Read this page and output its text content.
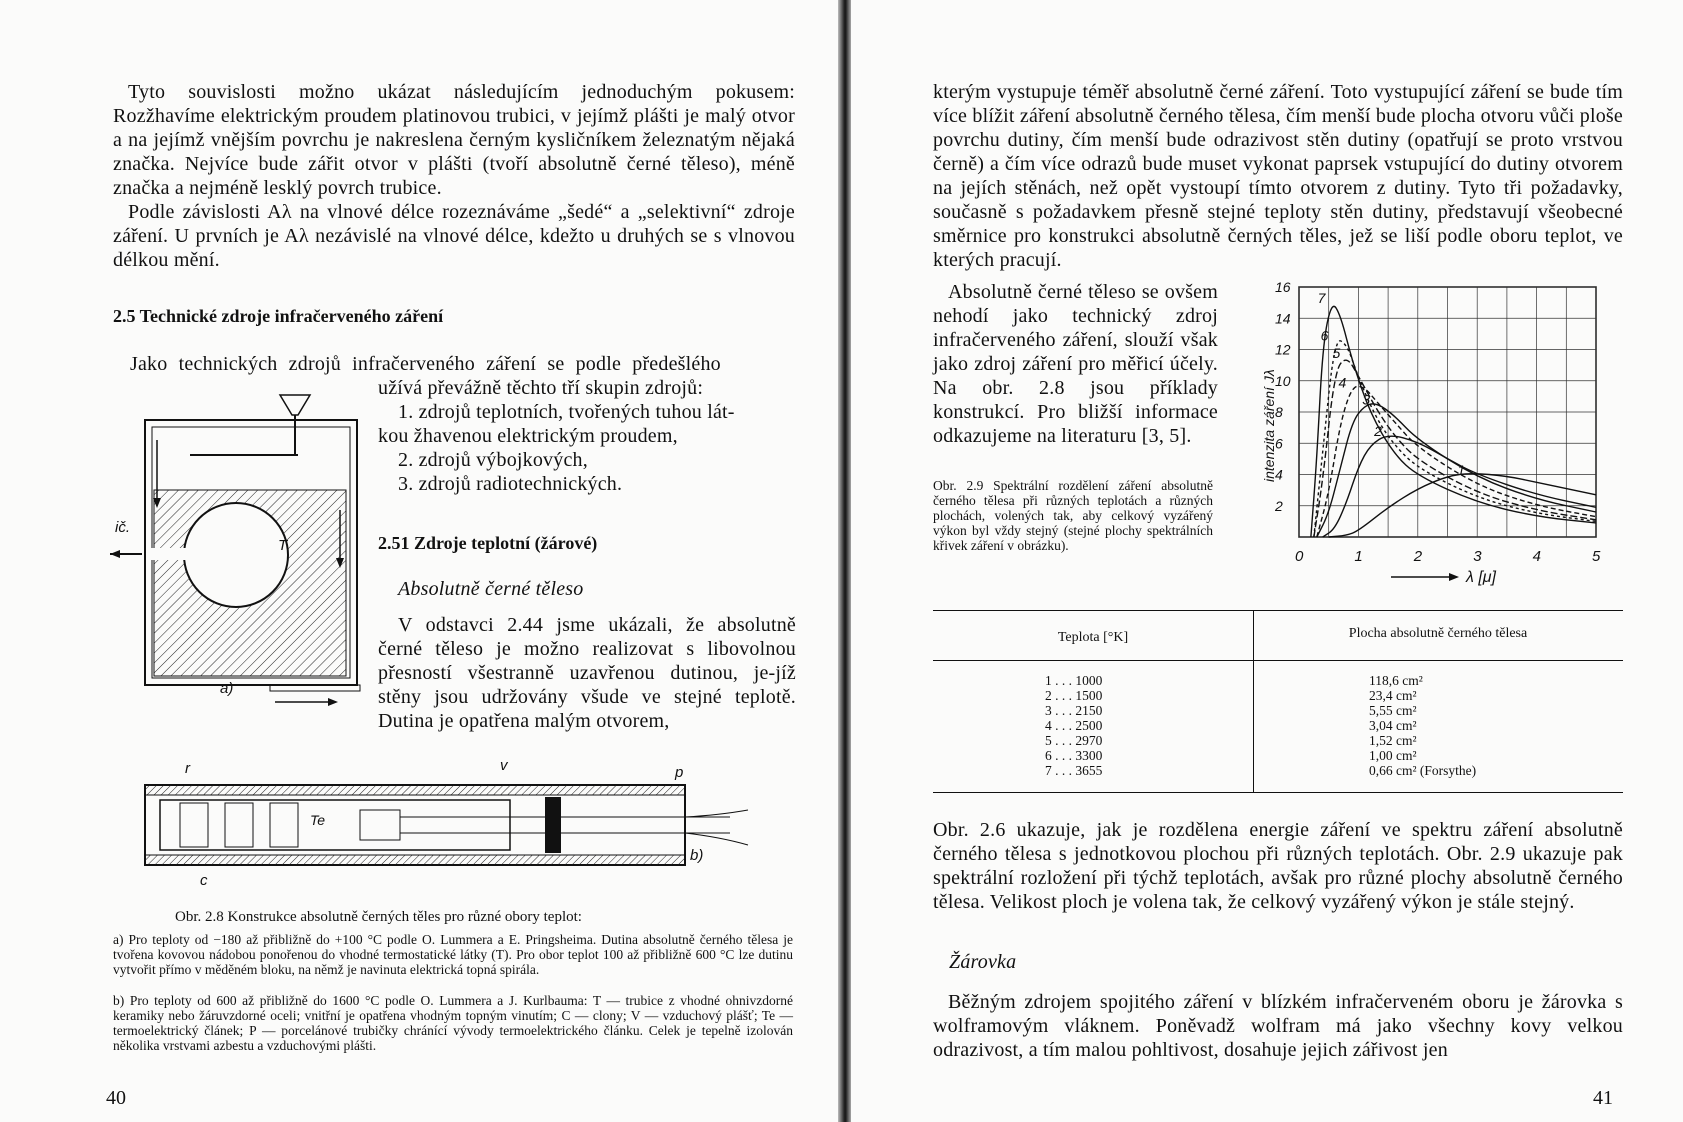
Tyto souvislosti možno ukázat následujícím jednoduchým pokusem: Rozžhavíme elektrickým proudem platinovou trubici, v jejímž plášti je malý otvor a na jejímž vnějším povrchu je nakreslena černým kysličníkem železnatým nějaká značka. Nejvíce bude zářit otvor v plášti (tvoří absolutně černé těleso), méně značka a nejméně lesklý povrch trubice.

Podle závislosti Aλ na vlnové délce rozeznáváme „šedé“ a „selektivní“ zdroje záření. U prvních je Aλ nezávislé na vlnové délce, kdežto u druhých se s vlnovou délkou mění.

2.5 Technické zdroje infračerveného záření

Jako technických zdrojů infračerveného záření se podle předešlého

užívá převážně těchto tří skupin zdrojů:

1. zdrojů teplotních, tvořených tuhou lát-

kou žhavenou elektrickým proudem,

2. zdrojů výbojkových,

3. zdrojů radiotechnických.

2.51 Zdroje teplotní (žárové)

Absolutně černé těleso

V odstavci 2.44 jsme ukázali, že absolutně černé těleso je možno realizovat s libovolnou přesností všestranně uzavřenou dutinou, je-jíž stěny jsou udržovány všude ve stejné teplotě. Dutina je opatřena malým otvorem,

ič.
T
a)
r	v	p
Te
c
b)

Obr. 2.8 Konstrukce absolutně černých těles pro různé obory teplot:

a) Pro teploty od −180 až přibližně do +100 °C podle O. Lummera a E. Pringsheima. Dutina absolutně černého tělesa je tvořena kovovou nádobou ponořenou do vhodné termostatické látky (T). Pro obor teplot 100 až přibližně 600 °C lze dutinu vytvořit přímo v měděném bloku, na němž je navinuta elektrická topná spirála.

b) Pro teploty od 600 až přibližně do 1600 °C podle O. Lummera a J. Kurlbauma: T — trubice z vhodné ohnivzdorné keramiky nebo žáruvzdorné oceli; vnitřní je opatřena vhodným topným vinutím; C — clony; V — vzduchový plášť; Te — termoelektrický článek; P — porcelánové trubičky chránící vývody termoelektrického článku. Celek je tepelně izolován několika vrstvami azbestu a vzduchovými plášti.

40

kterým vystupuje téměř absolutně černé záření. Toto vystupující záření se bude tím více blížit záření absolutně černého tělesa, čím menší bude plocha otvoru vůči ploše povrchu dutiny, čím menší bude odrazivost stěn dutiny (opatřují se proto vrstvou černě) a čím více odrazů bude muset vykonat paprsek vstupující do dutiny otvorem na jejích stěnách, než opět vystoupí tímto otvorem z dutiny. Tyto tři požadavky, současně s požadavkem přesně stejné teploty stěn dutiny, představují všeobecné směrnice pro konstrukci absolutně černých těles, jež se liší podle oboru teplot, ve kterých pracují.

Absolutně černé těleso se ovšem nehodí jako technický zdroj infračerveného záření, slouží však jako zdroj záření pro měřicí účely. Na obr. 2.8 jsou příklady konstrukcí. Pro bližší informace odkazujeme na literaturu [3, 5].

Obr. 2.9 Spektrální rozdělení záření absolutně černého tělesa při různých teplotách a různých plochách, volených tak, aby celkový vyzářený výkon byl vždy stejný (stejné plochy spektrálních křivek záření v obrázku).

1
2
3
4
5
6
7
2
4
6
8
10
12
14
16
0	1	2	3	4	5
intenzita záření Jλ
λ [μ]
Teplota [°K]	Plocha absolutně černého tělesa
1 . . . 1000	118,6 cm²
2 . . . 1500	23,4 cm²
3 . . . 2150	5,55 cm²
4 . . . 2500	3,04 cm²
5 . . . 2970	1,52 cm²
6 . . . 3300	1,00 cm²
7 . . . 3655	0,66 cm² (Forsythe)

Obr. 2.6 ukazuje, jak je rozdělena energie záření ve spektru záření absolutně černého tělesa s jednotkovou plochou při různých teplotách. Obr. 2.9 ukazuje pak spektrální rozložení při týchž teplotách, avšak pro různé plochy absolutně černého tělesa. Velikost ploch je volena tak, že celkový vyzářený výkon je stále stejný.

Žárovka

Běžným zdrojem spojitého záření v blízkém infračerveném oboru je žárovka s wolframovým vláknem. Poněvadž wolfram má jako všechny kovy velkou odrazivost, a tím malou pohltivost, dosahuje jejich zářivost jen

41
